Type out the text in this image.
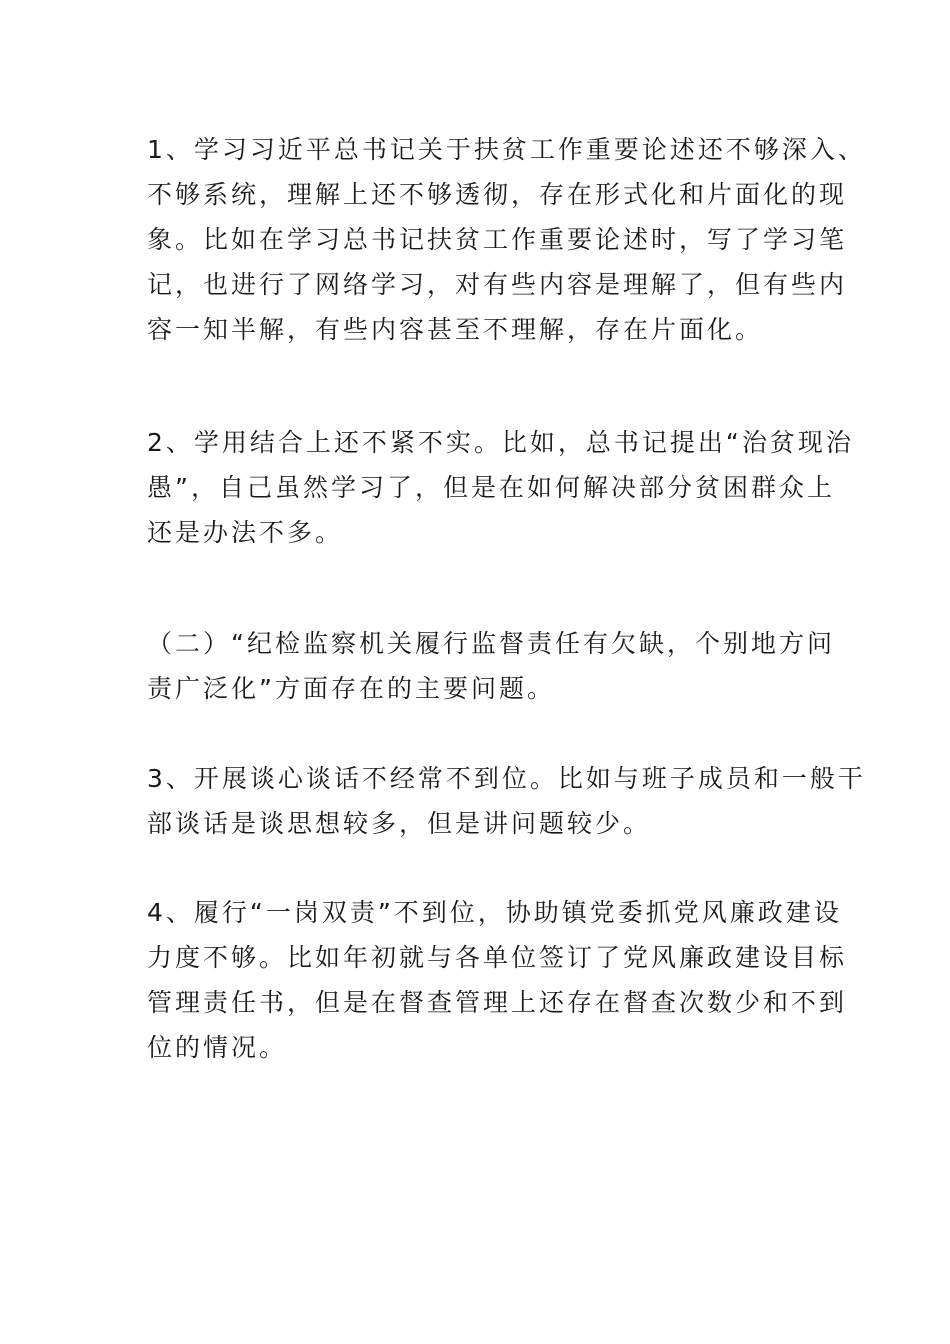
1、学习习近平总书记关于扶贫工作重要论述还不够深入、
不够系统，理解上还不够透彻，存在形式化和片面化的现
象。比如在学习总书记扶贫工作重要论述时，写了学习笔
记，也进行了网络学习，对有些内容是理解了，但有些内
容一知半解，有些内容甚至不理解，存在片面化。
2、学用结合上还不紧不实。比如，总书记提出“治贫现治
愚”，自己虽然学习了，但是在如何解决部分贫困群众上
还是办法不多。
（二）“纪检监察机关履行监督责任有欠缺，个别地方问
责广泛化”方面存在的主要问题。
3、开展谈心谈话不经常不到位。比如与班子成员和一般干
部谈话是谈思想较多，但是讲问题较少。
4、履行“一岗双责”不到位，协助镇党委抓党风廉政建设
力度不够。比如年初就与各单位签订了党风廉政建设目标
管理责任书，但是在督查管理上还存在督查次数少和不到
位的情况。
